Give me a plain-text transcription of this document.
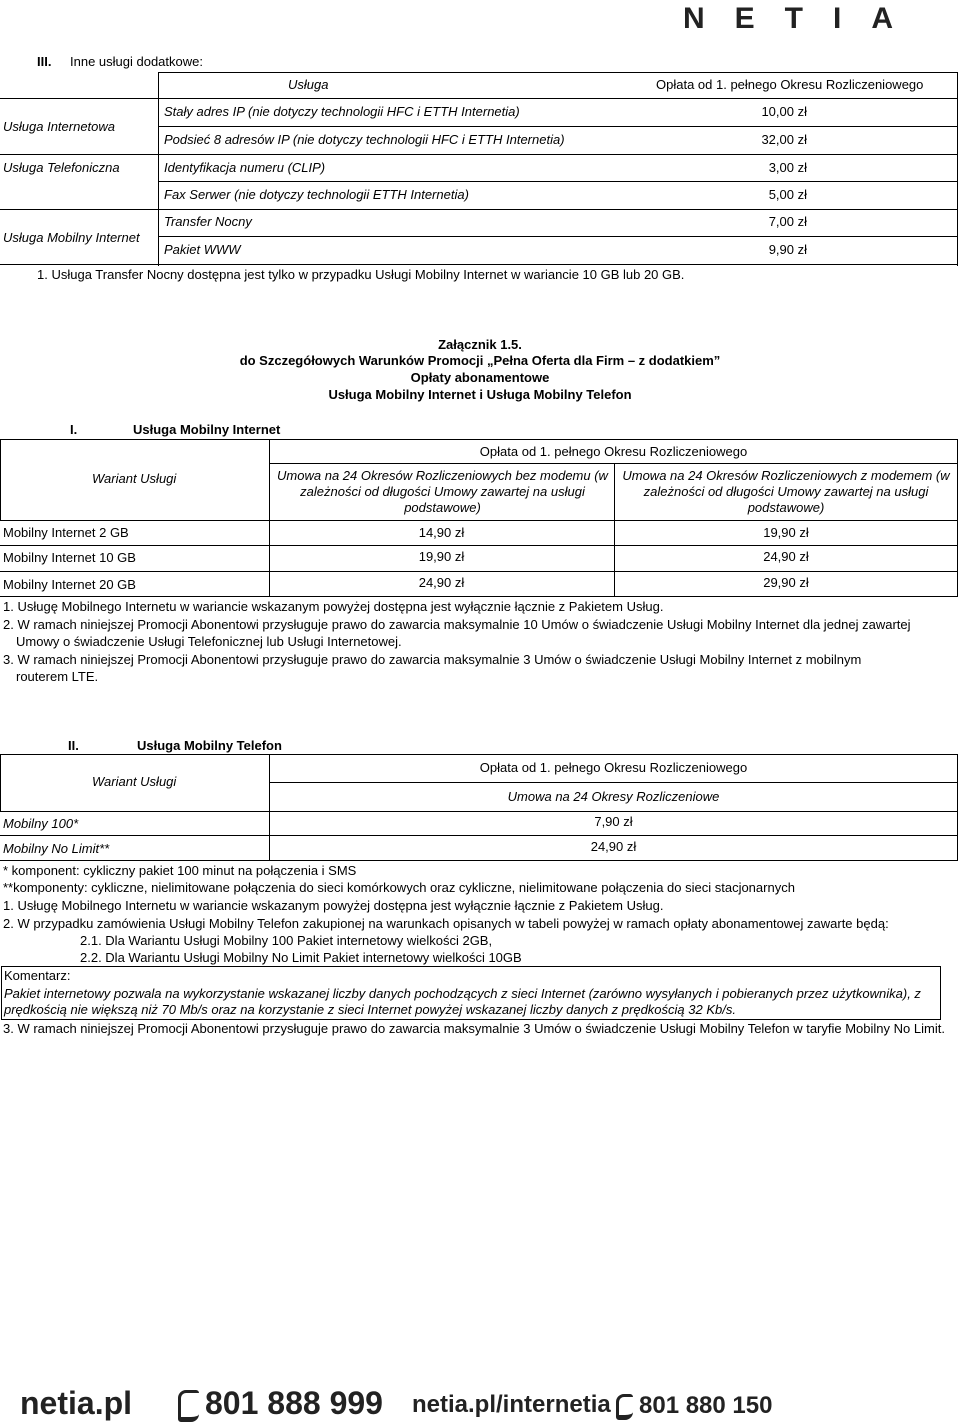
NETIA
III. Inne usługi dodatkowe:
Usługa	Opłata od 1. pełnego Okresu Rozliczeniowego
Usługa Internetowa
Stały adres IP (nie dotyczy technologii HFC i ETTH Internetia)	10,00 zł
Podsieć 8 adresów IP (nie dotyczy technologii HFC i ETTH Internetia)	32,00 zł
Usługa Telefoniczna	Identyfikacja numeru (CLIP)	3,00 zł
Fax Serwer (nie dotyczy technologii ETTH Internetia)	5,00 zł
Usługa Mobilny Internet
Transfer Nocny	7,00 zł
Pakiet WWW	9,90 zł
1. Usługa Transfer Nocny dostępna jest tylko w przypadku Usługi Mobilny Internet w wariancie 10 GB lub 20 GB.
Załącznik 1.5.
do Szczegółowych Warunków Promocji „Pełna Oferta dla Firm – z dodatkiem”
Opłaty abonamentowe
Usługa Mobilny Internet i Usługa Mobilny Telefon
I.	Usługa Mobilny Internet
Wariant Usługi
Opłata od 1. pełnego Okresu Rozliczeniowego
Umowa na 24 Okresów Rozliczeniowych bez modemu (w zależności od długości Umowy zawartej na usługi podstawowe)
Umowa na 24 Okresów Rozliczeniowych z modemem (w zależności od długości Umowy zawartej na usługi podstawowe)
Mobilny Internet 2 GB	14,90 zł	19,90 zł
Mobilny Internet 10 GB	19,90 zł	24,90 zł
Mobilny Internet 20 GB	24,90 zł	29,90 zł
1. Usługę Mobilnego Internetu w wariancie wskazanym powyżej dostępna jest wyłącznie łącznie z Pakietem Usług.
2. W ramach niniejszej Promocji Abonentowi przysługuje prawo do zawarcia maksymalnie 10 Umów o świadczenie Usługi Mobilny Internet dla jednej zawartej
Umowy o świadczenie Usługi Telefonicznej lub Usługi Internetowej.
3. W ramach niniejszej Promocji Abonentowi przysługuje prawo do zawarcia maksymalnie 3 Umów o świadczenie Usługi Mobilny Internet z mobilnym
routerem LTE.
II.	Usługa Mobilny Telefon
Wariant Usługi
Opłata od 1. pełnego Okresu Rozliczeniowego
Umowa na 24 Okresy Rozliczeniowe
Mobilny 100*	7,90 zł
Mobilny No Limit**	24,90 zł
* komponent: cykliczny pakiet 100 minut na połączenia i SMS
**komponenty: cykliczne, nielimitowane połączenia do sieci komórkowych oraz cykliczne, nielimitowane połączenia do sieci stacjonarnych
1. Usługę Mobilnego Internetu w wariancie wskazanym powyżej dostępna jest wyłącznie łącznie z Pakietem Usług.
2. W przypadku zamówienia Usługi Mobilny Telefon zakupionej na warunkach opisanych w tabeli powyżej w ramach opłaty abonamentowej zawarte będą:
2.1. Dla Wariantu Usługi Mobilny 100 Pakiet internetowy wielkości 2GB,
2.2. Dla Wariantu Usługi Mobilny No Limit Pakiet internetowy wielkości 10GB
Komentarz:
Pakiet internetowy pozwala na wykorzystanie wskazanej liczby danych pochodzących z sieci Internet (zarówno wysyłanych i pobieranych przez użytkownika), z prędkością nie większą niż 70 Mb/s oraz na korzystanie z sieci Internet powyżej wskazanej liczby danych z prędkością 32 Kb/s.
3. W ramach niniejszej Promocji Abonentowi przysługuje prawo do zawarcia maksymalnie 3 Umów o świadczenie Usługi Mobilny Telefon w taryfie Mobilny No Limit.
netia.pl	801 888 999 netia.pl/internetia	801 880 150
